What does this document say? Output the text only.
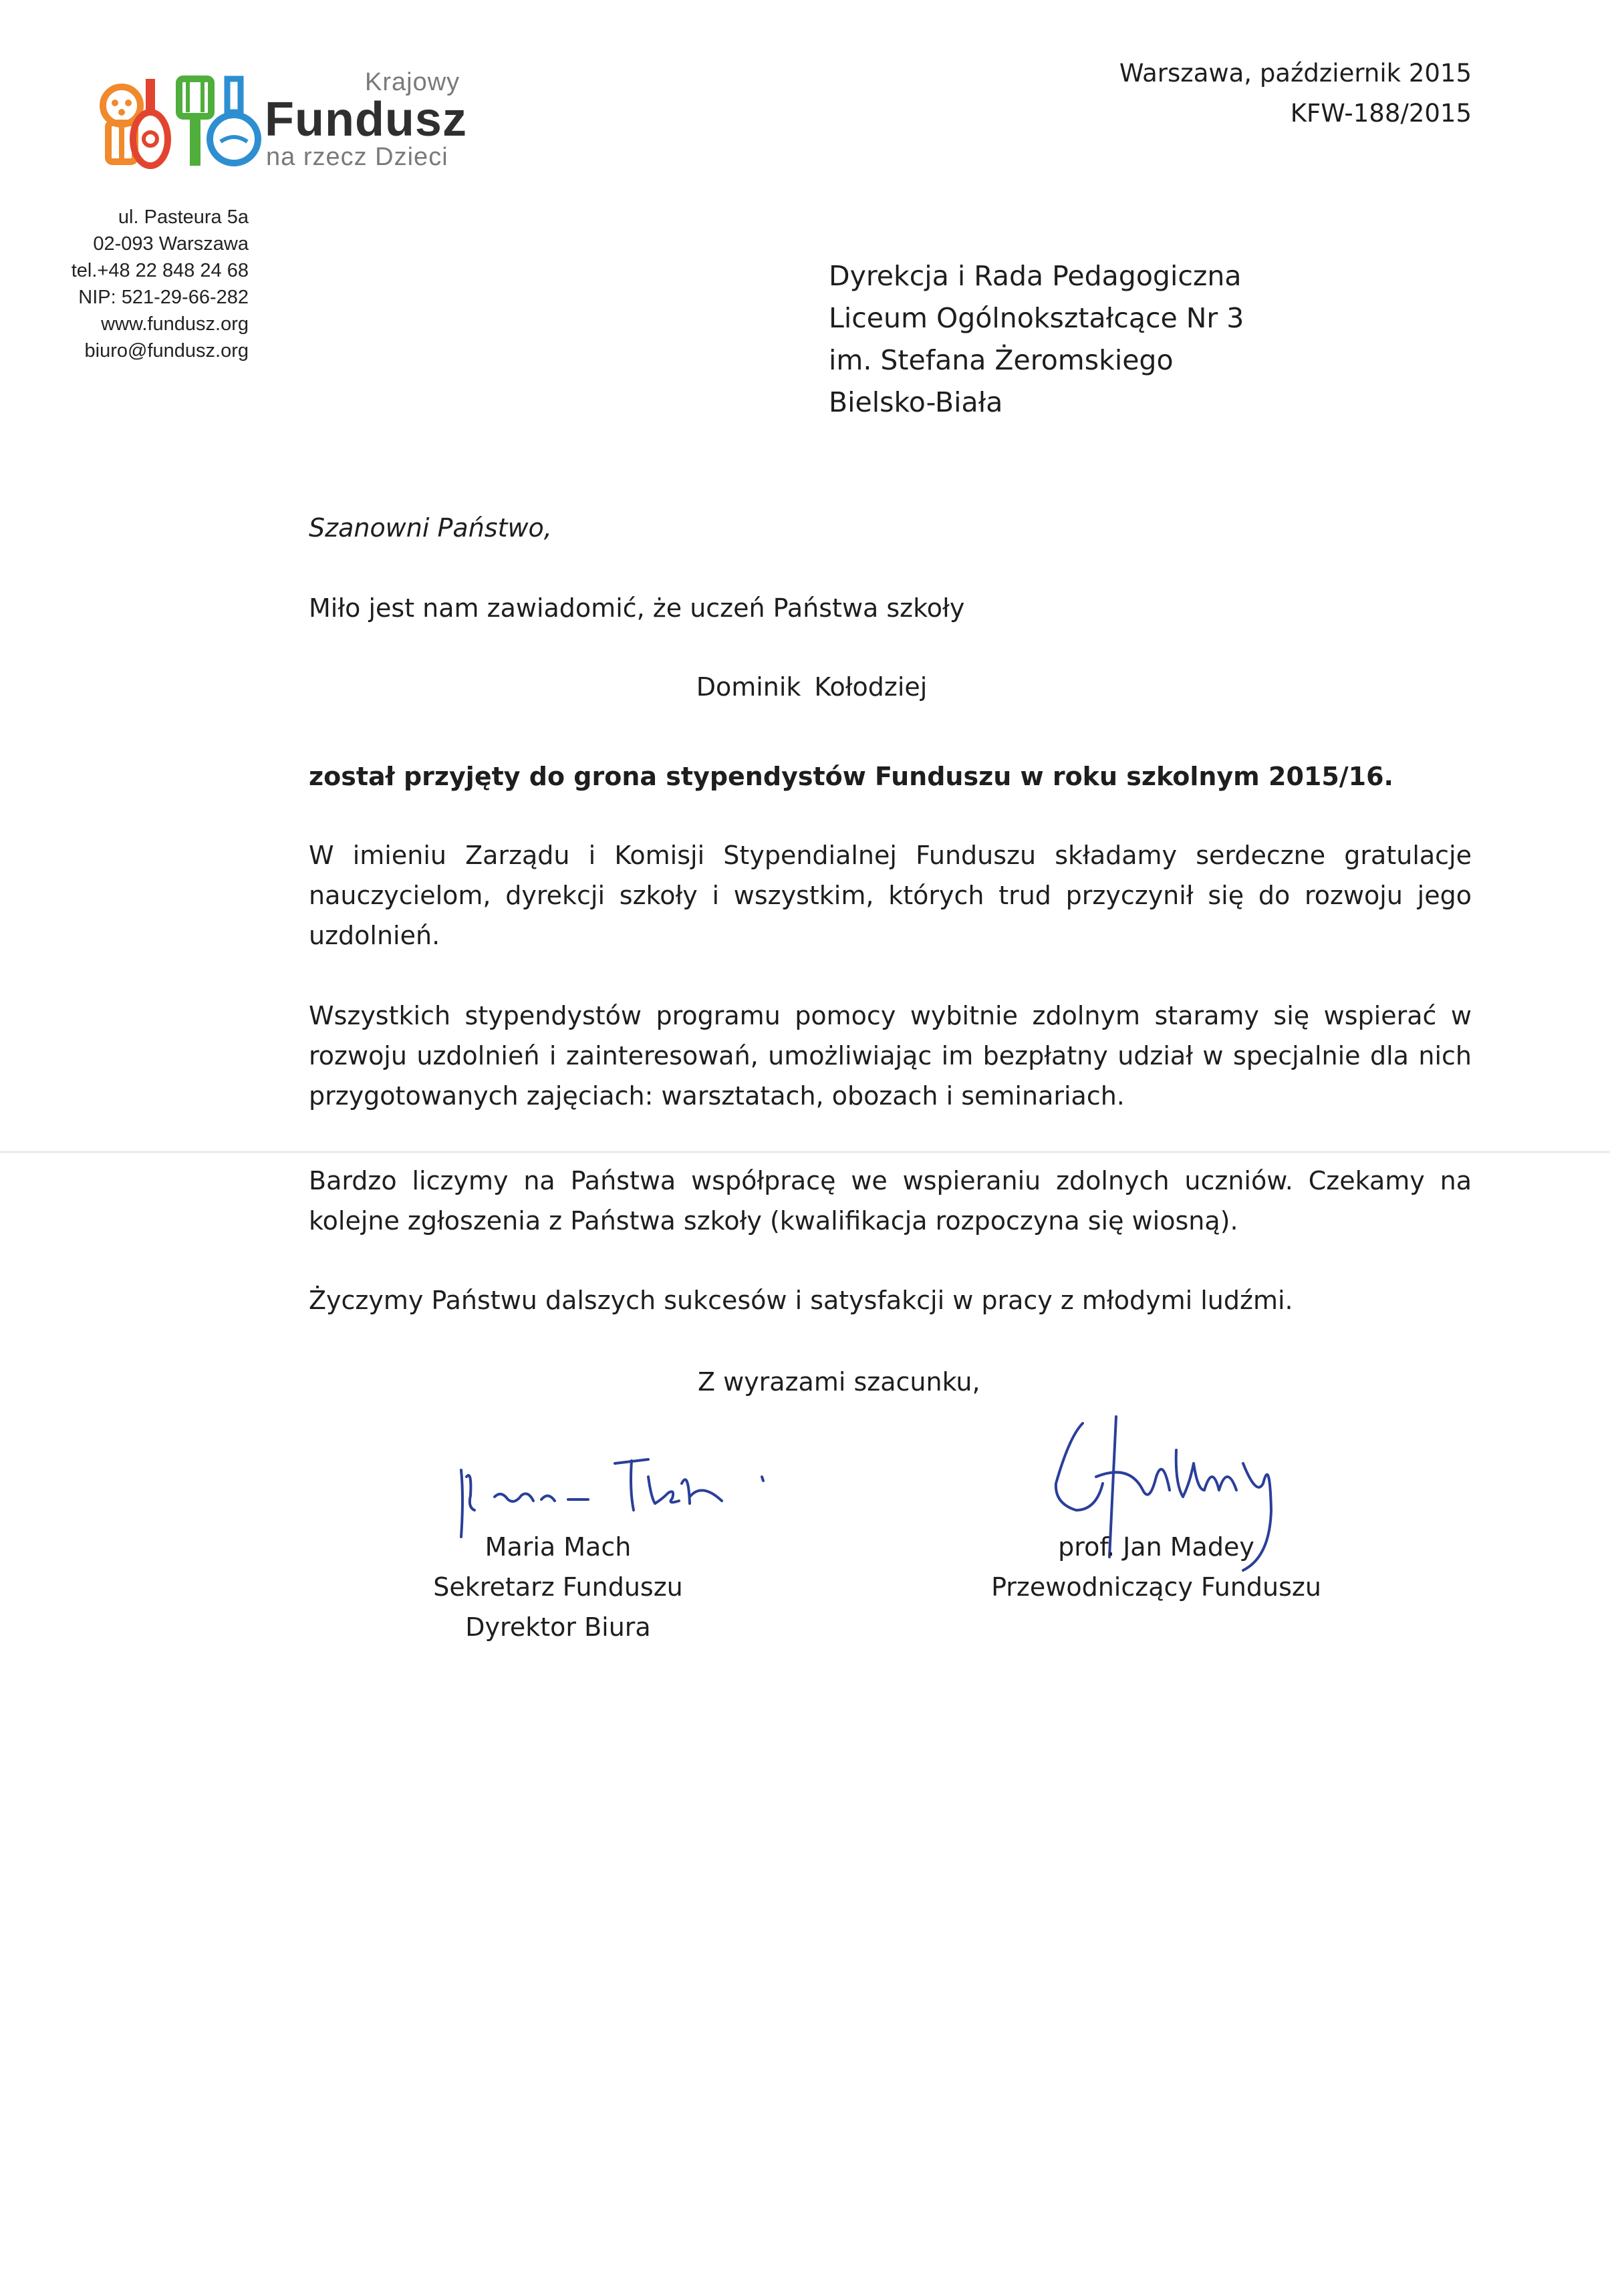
Krajowy
Fundusz
na rzecz Dzieci
ul. Pasteura 5a
02-093 Warszawa
tel.+48 22 848 24 68
NIP: 521-29-66-282
www.fundusz.org
biuro@fundusz.org
Warszawa, październik 2015
KFW-188/2015
Dyrekcja i Rada Pedagogiczna
Liceum Ogólnokształcące Nr 3
im. Stefana Żeromskiego
Bielsko-Biała
Szanowni Państwo,
Miło jest nam zawiadomić, że uczeń Państwa szkoły
Dominik Kołodziej
został przyjęty do grona stypendystów Funduszu w roku szkolnym 2015/16.
W imieniu Zarządu i Komisji Stypendialnej Funduszu składamy serdeczne gratulacje nauczycielom, dyrekcji szkoły i wszystkim, których trud przyczynił się do rozwoju jego uzdolnień.
Wszystkich stypendystów programu pomocy wybitnie zdolnym staramy się wspierać w rozwoju uzdolnień i zainteresowań, umożliwiając im bezpłatny udział w specjalnie dla nich przygotowanych zajęciach: warsztatach, obozach i seminariach.
Bardzo liczymy na Państwa współpracę we wspieraniu zdolnych uczniów. Czekamy na kolejne zgłoszenia z Państwa szkoły (kwalifikacja rozpoczyna się wiosną).
Życzymy Państwu dalszych sukcesów i satysfakcji w pracy z młodymi ludźmi.
Z wyrazami szacunku,
Maria Mach
Sekretarz Funduszu
Dyrektor Biura
prof. Jan Madey
Przewodniczący Funduszu
